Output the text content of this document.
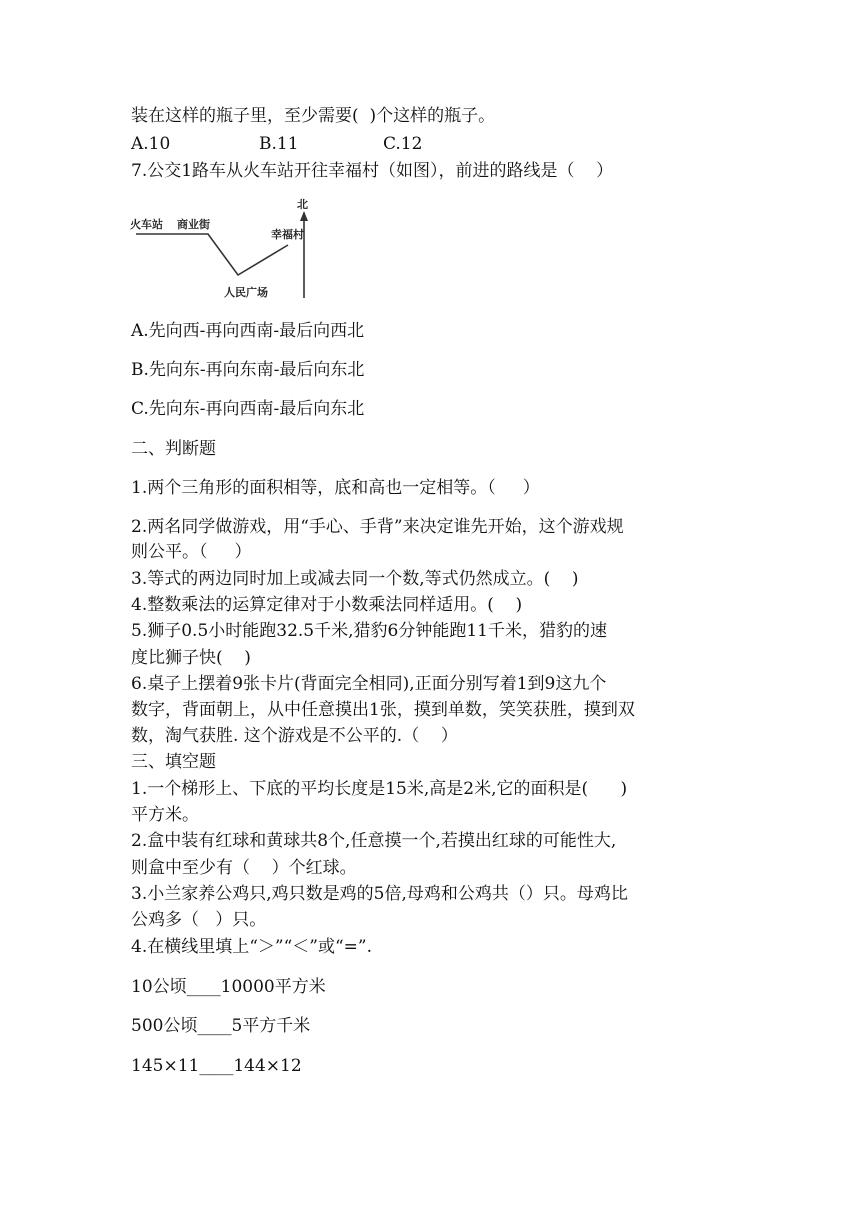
装在这样的瓶子里，至少需要(  )个这样的瓶子。

A.10	B.11	C.12

7.公交1路车从火车站开往幸福村（如图），前进的路线是（    ）

火车站 商业街
人民广场
幸福村
北

A.先向西-再向西南-最后向西北

B.先向东-再向东南-最后向东北

C.先向东-再向西南-最后向东北

二、判断题

1.两个三角形的面积相等，底和高也一定相等。（     ）

2.两名同学做游戏，用“手心、手背”来决定谁先开始，这个游戏规

则公平。（     ）

3.等式的两边同时加上或减去同一个数,等式仍然成立。(    )

4.整数乘法的运算定律对于小数乘法同样适用。(    )

5.狮子0.5小时能跑32.5千米,猎豹6分钟能跑11千米，猎豹的速

度比狮子快(    )

6.桌子上摆着9张卡片(背面完全相同),正面分别写着1到9这九个

数字，背面朝上，从中任意摸出1张，摸到单数，笑笑获胜，摸到双

数，淘气获胜. 这个游戏是不公平的.（    ）

三、填空题

1.一个梯形上、下底的平均长度是15米,高是2米,它的面积是(      )

平方米。

2.盒中装有红球和黄球共8个,任意摸一个,若摸出红球的可能性大,

则盒中至少有（    ）个红球。

3.小兰家养公鸡只,鸡只数是鸡的5倍,母鸡和公鸡共（）只。母鸡比

公鸡多（   ）只。

4.在横线里填上“＞”“＜”或“=”.

10公顷____10000平方米

500公顷____5平方千米

145×11____144×12
